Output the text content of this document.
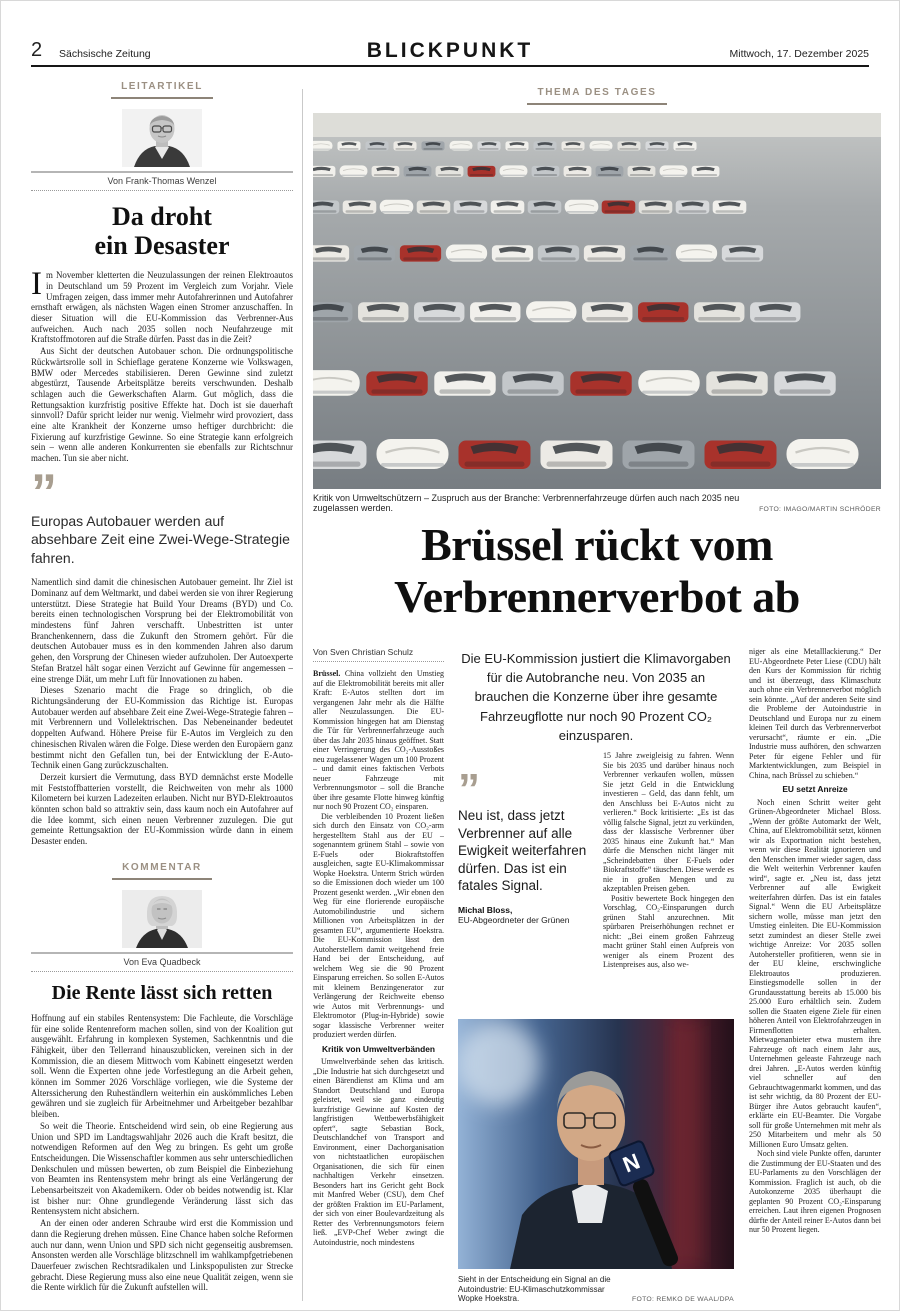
2 Sächsische Zeitung	BLICKPUNKT	Mittwoch, 17. Dezember 2025
LEITARTIKEL
Von Frank-Thomas Wenzel
Da droht
ein Desaster

Im November kletterten die Neuzulassungen der reinen Elektroautos in Deutschland um 59 Prozent im Vergleich zum Vorjahr. Viele Umfragen zeigen, dass immer mehr Autofahrerinnen und Autofahrer ernsthaft erwägen, als nächsten Wagen einen Stromer anzuschaffen. In dieser Situation will die EU-Kommission das Verbrenner-Aus aufweichen. Auch nach 2035 sollen noch Neufahrzeuge mit Kraftstoffmotoren auf die Straße dürfen. Passt das in die Zeit?

Aus Sicht der deutschen Autobauer schon. Die ordnungspolitische Rückwärtsrolle soll in Schieflage geratene Konzerne wie Volkswagen, BMW oder Mercedes stabilisieren. Deren Gewinne sind zuletzt abgestürzt, Tausende Arbeitsplätze bereits verschwunden. Deshalb schlagen auch die Gewerkschaften Alarm. Gut möglich, dass die Rettungsaktion kurzfristig positive Effekte hat. Doch ist sie dauerhaft sinnvoll? Dafür spricht leider nur wenig. Vielmehr wird provoziert, dass eine alte Krankheit der Konzerne umso heftiger durchbricht: die Fixierung auf kurzfristige Gewinne. So eine Strategie kann erfolgreich sein – wenn alle anderen Konkurrenten sie ebenfalls zur Richtschnur machen. Tun sie aber nicht.

”
Europas Autobauer werden auf absehbare Zeit eine Zwei-Wege-Strategie fahren.

Namentlich sind damit die chinesischen Autobauer gemeint. Ihr Ziel ist Dominanz auf dem Weltmarkt, und dabei werden sie von ihrer Regierung unterstützt. Diese Strategie hat Build Your Dreams (BYD) und Co. bereits einen technologischen Vorsprung bei der Elektromobilität von mindestens fünf Jahren verschafft. Unbestritten ist unter Branchenkennern, dass die Zukunft den Stromern gehört. Für die deutschen Autobauer muss es in den kommenden Jahren also darum gehen, den Vorsprung der Chinesen wieder aufzuholen. Der Autoexperte Stefan Bratzel hält sogar einen Verzicht auf Gewinne für angemessen – eine strenge Diät, um mehr Luft für Innovationen zu haben.

Dieses Szenario macht die Frage so dringlich, ob die Richtungsänderung der EU-Kommission das Richtige ist. Europas Autobauer werden auf absehbare Zeit eine Zwei-Wege-Strategie fahren – mit Verbrennern und Vollelektrischen. Das Nebeneinander bedeutet doppelten Aufwand. Höhere Preise für E-Autos im Vergleich zu den chinesischen Rivalen wären die Folge. Diese werden den Europäern ganz bestimmt nicht den Gefallen tun, bei der Entwicklung der E-Auto-Technik einen Gang zurückzuschalten.

Derzeit kursiert die Vermutung, dass BYD demnächst erste Modelle mit Feststoffbatterien vorstellt, die Reichweiten von mehr als 1000 Kilometern bei kurzen Ladezeiten erlauben. Nicht nur BYD-Elektroautos könnten schon bald so attraktiv sein, dass kaum noch ein Autofahrer auf die Idee kommt, sich einen neuen Verbrenner zuzulegen. Die gut gemeinte Rettungsaktion der EU-Kommission würde dann in einem Desaster enden.

KOMMENTAR
Von Eva Quadbeck
Die Rente lässt sich retten

Hoffnung auf ein stabiles Rentensystem: Die Fachleute, die Vorschläge für eine solide Rentenreform machen sollen, sind von der Koalition gut ausgewählt. Erfahrung in komplexen Systemen, Sachkenntnis und die Fähigkeit, über den Tellerrand hinauszublicken, vereinen sich in der Kommission, die an diesem Mittwoch vom Kabinett eingesetzt werden soll. Wenn die Experten ohne jede Vorfestlegung an die Arbeit gehen, können im Sommer 2026 Vorschläge vorliegen, wie die Systeme der Alterssicherung den Ruheständlern weiterhin ein auskömmliches Leben gewähren und sie zugleich für Arbeitnehmer und Arbeitgeber bezahlbar bleiben.

So weit die Theorie. Entscheidend wird sein, ob eine Regierung aus Union und SPD im Landtagswahljahr 2026 auch die Kraft besitzt, die notwendigen Reformen auf den Weg zu bringen. Es geht um große Entscheidungen. Die Wissenschaftler kommen aus sehr unterschiedlichen Denkschulen und müssen bewerten, ob zum Beispiel die Einbeziehung von Beamten ins Rentensystem mehr bringt als eine Verlängerung der Lebensarbeitszeit von Akademikern. Oder ob beides notwendig ist. Klar ist bisher nur: Ohne grundlegende Veränderung lässt sich das Rentensystem nicht absichern.

An der einen oder anderen Schraube wird erst die Kommission und dann die Regierung drehen müssen. Eine Chance haben solche Reformen auch nur dann, wenn Union und SPD sich nicht gegenseitig ausbremsen. Ansonsten werden alle Vorschläge blitzschnell im wahlkampfgetriebenen Dauerfeuer zwischen Rechtsradikalen und Linkspopulisten zur Strecke gebracht. Diese Regierung muss also eine neue Qualität zeigen, wenn sie die Rente wirklich für die Zukunft aufstellen will.

THEMA DES TAGES
Kritik von Umweltschützern – Zuspruch aus der Branche: Verbrennerfahrzeuge dürfen auch nach 2035 neu zugelassen werden.	FOTO: IMAGO/MARTIN SCHRÖDER
Brüssel rückt vom
Verbrennerverbot ab
Von Sven Christian Schulz

Brüssel. China vollzieht den Umstieg auf die Elektromobilität bereits mit aller Kraft: E-Autos stellten dort im vergangenen Jahr mehr als die Hälfte aller Neuzulassungen. Die EU-Kommission hingegen hat am Dienstag die Tür für Verbrennerfahrzeuge auch über das Jahr 2035 hinaus geöffnet. Statt einer Verringerung des CO₂-Ausstoßes neu zugelassener Wagen um 100 Prozent – und damit eines faktischen Verbots neuer Fahrzeuge mit Verbrennungsmotor – soll die Branche über ihre gesamte Flotte hinweg künftig nur noch 90 Prozent CO₂ einsparen.

Die verbleibenden 10 Prozent ließen sich durch den Einsatz von CO₂-arm hergestelltem Stahl aus der EU – sogenanntem grünem Stahl – sowie von E-Fuels oder Biokraftstoffen ausgleichen, sagte EU-Klimakommissar Wopke Hoekstra. Unterm Strich würden so die Emissionen doch wieder um 100 Prozent gesenkt werden. „Wir ebnen den Weg für eine florierende europäische Automobilindustrie und sichern Millionen von Arbeitsplätzen in der gesamten EU“, argumentierte Hoekstra. Die EU-Kommission lässt den Autoherstellern damit weitgehend freie Hand bei der Entscheidung, auf welchem Weg sie die 90 Prozent Einsparung erreichen. So sollen E-Autos mit kleinem Benzingenerator zur Verlängerung der Reichweite ebenso wie Autos mit Verbrennungs- und Elektromotor (Plug-in-Hybride) sowie sogar klassische Verbrenner weiter produziert werden dürfen.

Kritik von Umweltverbänden

Umweltverbände sehen das kritisch. „Die Industrie hat sich durchgesetzt und einen Bärendienst am Klima und am Standort Deutschland und Europa geleistet, weil sie ganz eindeutig kurzfristige Gewinne auf Kosten der langfristigen Wettbewerbsfähigkeit opfert“, sagte Sebastian Bock, Deutschlandchef von Transport and Environment, einer Dachorganisation von nichtstaatlichen europäischen Organisationen, die sich für einen nachhaltigen Verkehr einsetzen. Besonders hart ins Gericht geht Bock mit Manfred Weber (CSU), dem Chef der größten Fraktion im EU-Parlament, der sich von einer Boulevardzeitung als Retter des Verbrennungsmotors feiern ließ. „EVP-Chef Weber zwingt die Autoindustrie, noch mindestens

Die EU-Kommission justiert die Klimavorgaben für die Autobranche neu. Von 2035 an brauchen die Konzerne über ihre gesamte Fahrzeugflotte nur noch 90 Prozent CO₂ einzusparen.
”
Neu ist, dass jetzt Verbrenner auf alle Ewigkeit weiterfahren dürfen. Das ist ein fatales Signal.
Michal Bloss,
EU-Abgeordneter der Grünen

15 Jahre zweigleisig zu fahren. Wenn Sie bis 2035 und darüber hinaus noch Verbrenner verkaufen wollen, müssen Sie jetzt Geld in die Entwicklung investieren – Geld, das dann fehlt, um den Anschluss bei E-Autos nicht zu verlieren.“ Bock kritisierte: „Es ist das völlig falsche Signal, jetzt zu verkünden, dass der klassische Verbrenner über 2035 hinaus eine Zukunft hat.“ Man dürfe die Menschen nicht länger mit „Scheindebatten über E-Fuels oder Biokraftstoffe“ täuschen. Diese werde es nie in großen Mengen und zu akzeptablen Preisen geben.

Positiv bewertete Bock hingegen den Vorschlag, CO₂-Einsparungen durch grünen Stahl anzurechnen. Mit spürbaren Preiserhöhungen rechnet er nicht: „Bei einem großen Fahrzeug macht grüner Stahl einen Aufpreis von weniger als einem Prozent des Listenpreises aus, also we-

N
Sieht in der Entscheidung ein Signal an die Autoindustrie: EU-Klimaschutzkommissar Wopke Hoekstra.	FOTO: REMKO DE WAAL/DPA

niger als eine Metalllackierung.“ Der EU-Abgeordnete Peter Liese (CDU) hält den Kurs der Kommission für richtig und ist überzeugt, dass Klimaschutz auch ohne ein Verbrennerverbot möglich sein könnte. „Auf der anderen Seite sind die Probleme der Autoindustrie in Deutschland und Europa nur zu einem kleinen Teil durch das Verbrennerverbot verursacht“, räumte er ein. „Die Industrie muss aufhören, den schwarzen Peter für eigene Fehler und für Marktentwicklungen, zum Beispiel in China, nach Brüssel zu schieben.“

EU setzt Anreize

Noch einen Schritt weiter geht Grünen-Abgeordneter Michael Bloss. „Wenn der größte Automarkt der Welt, China, auf Elektromobilität setzt, können wir als Exportnation nicht bestehen, wenn wir diese Realität ignorieren und den Menschen immer wieder sagen, dass die Welt weiterhin Verbrenner kaufen wird“, sagte er. „Neu ist, dass jetzt Verbrenner auf alle Ewigkeit weiterfahren dürfen. Das ist ein fatales Signal.“ Wenn die EU Arbeitsplätze sichern wolle, müsse man jetzt den Umstieg einleiten. Die EU-Kommission setzt zumindest an dieser Stelle zwei wichtige Anreize: Vor 2035 sollen Autohersteller profitieren, wenn sie in der EU kleine, erschwingliche Elektroautos produzieren. Einstiegsmodelle sollen in der Grundausstattung bereits ab 15.000 bis 25.000 Euro erhältlich sein. Zudem sollen die Staaten eigene Ziele für einen höheren Anteil von Elektrofahrzeugen in Firmenflotten erhalten. Mietwagenanbieter etwa mustern ihre Fahrzeuge oft nach einem Jahr aus, Unternehmen geleaste Fahrzeuge nach drei Jahren. „E-Autos werden künftig viel schneller auf den Gebrauchtwagenmarkt kommen, und das ist sehr wichtig, da 80 Prozent der EU-Bürger ihre Autos gebraucht kaufen“, erklärte ein EU-Beamter. Die Vorgabe soll für große Unternehmen mit mehr als 250 Mitarbeitern und mehr als 50 Millionen Euro Umsatz gelten.

Noch sind viele Punkte offen, darunter die Zustimmung der EU-Staaten und des EU-Parlaments zu den Vorschlägen der Kommission. Fraglich ist auch, ob die Autokonzerne 2035 überhaupt die geplanten 90 Prozent CO₂-Einsparung erreichen. Laut ihren eigenen Prognosen dürfte der Anteil reiner E-Autos dann bei nur 50 Prozent liegen.
